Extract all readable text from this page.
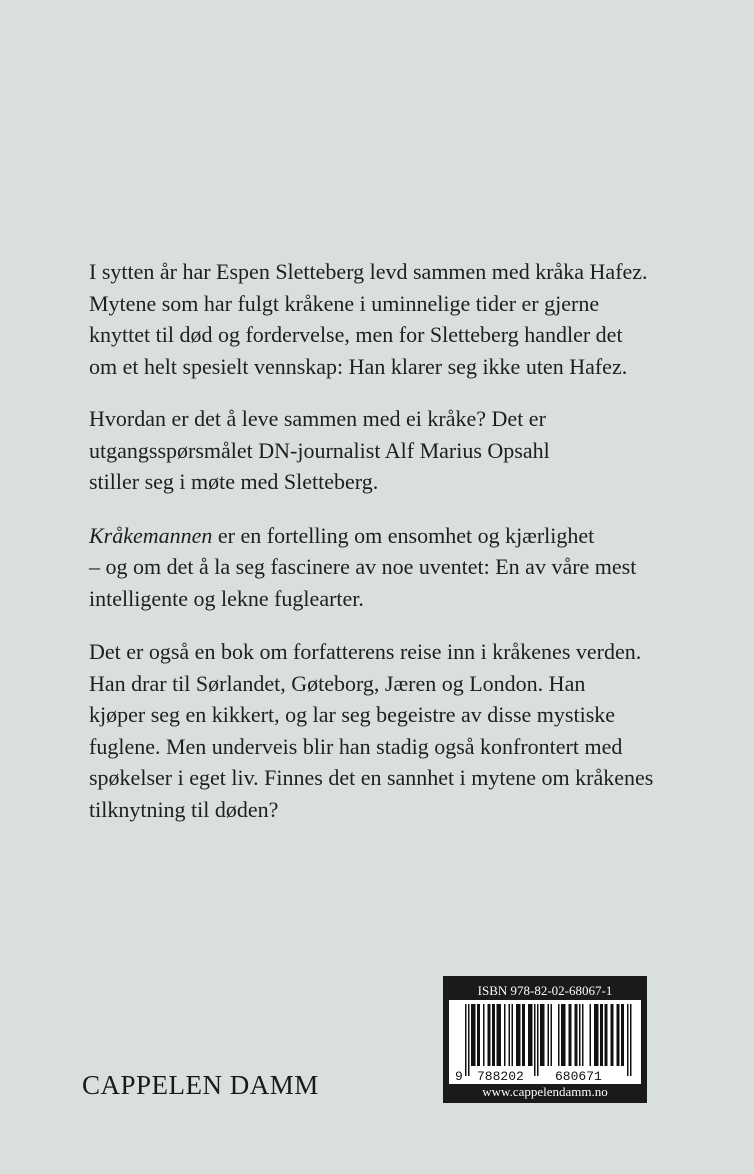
I sytten år har Espen Sletteberg levd sammen med kråka Hafez.
Mytene som har fulgt kråkene i uminnelige tider er gjerne
knyttet til død og fordervelse, men for Sletteberg handler det
om et helt spesielt vennskap: Han klarer seg ikke uten Hafez.

Hvordan er det å leve sammen med ei kråke? Det er
utgangsspørsmålet DN-journalist Alf Marius Opsahl
stiller seg i møte med Sletteberg.

Kråkemannen er en fortelling om ensomhet og kjærlighet
– og om det å la seg fascinere av noe uventet: En av våre mest
intelligente og lekne fuglearter.

Det er også en bok om forfatterens reise inn i kråkenes verden.
Han drar til Sørlandet, Gøteborg, Jæren og London. Han
kjøper seg en kikkert, og lar seg begeistre av disse mystiske
fuglene. Men underveis blir han stadig også konfrontert med
spøkelser i eget liv. Finnes det en sannhet i mytene om kråkenes
tilknytning til døden?

CAPPELEN DAMM
ISBN 978-82-02-68067-1
9 788202 680671
www.cappelendamm.no
